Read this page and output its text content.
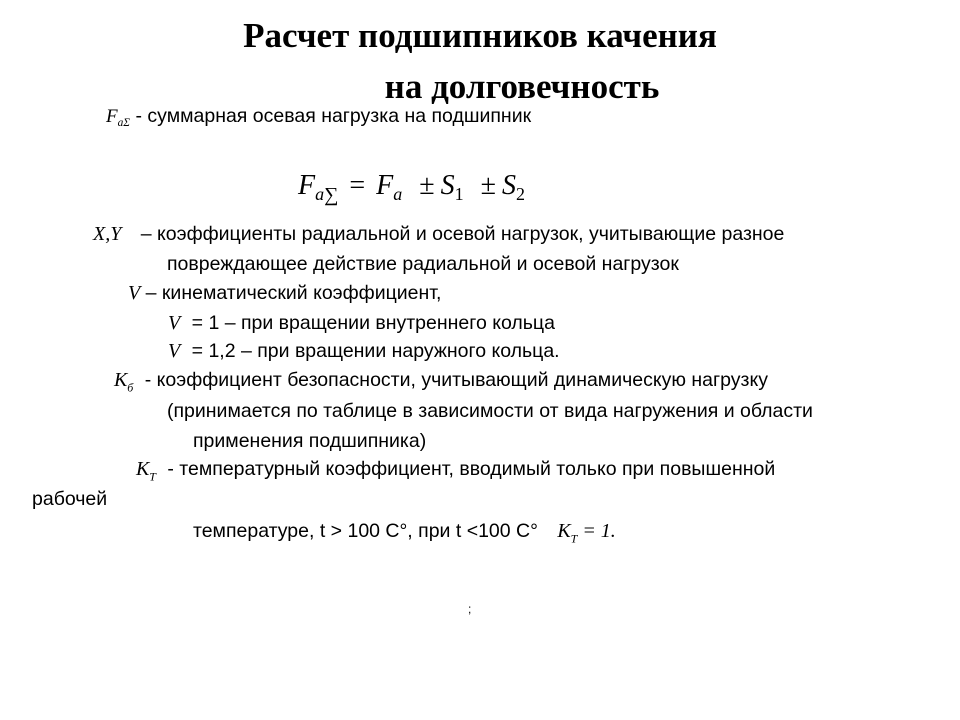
Расчет подшипников качения
на долговечность
$F_{a\Sigma}$ - суммарная осевая нагрузка на подшипник
$F_{a\sum} = F_a \pm S_1 \pm S_2$
X,Y – коэффициенты радиальной и осевой нагрузок, учитывающие разное
повреждающее действие радиальной и осевой нагрузок
V – кинематический коэффициент,
V = 1 – при вращении внутреннего кольца
V = 1,2 – при вращении наружного кольца.
$К_б$ - коэффициент безопасности, учитывающий динамическую нагрузку
(принимается по таблице в зависимости от вида нагружения и области
применения подшипника)
$К_Т$ - температурный коэффициент, вводимый только при повышенной
рабочей
температуре, t > 100 С°, при t <100 С° $К_Т = 1$.
;
